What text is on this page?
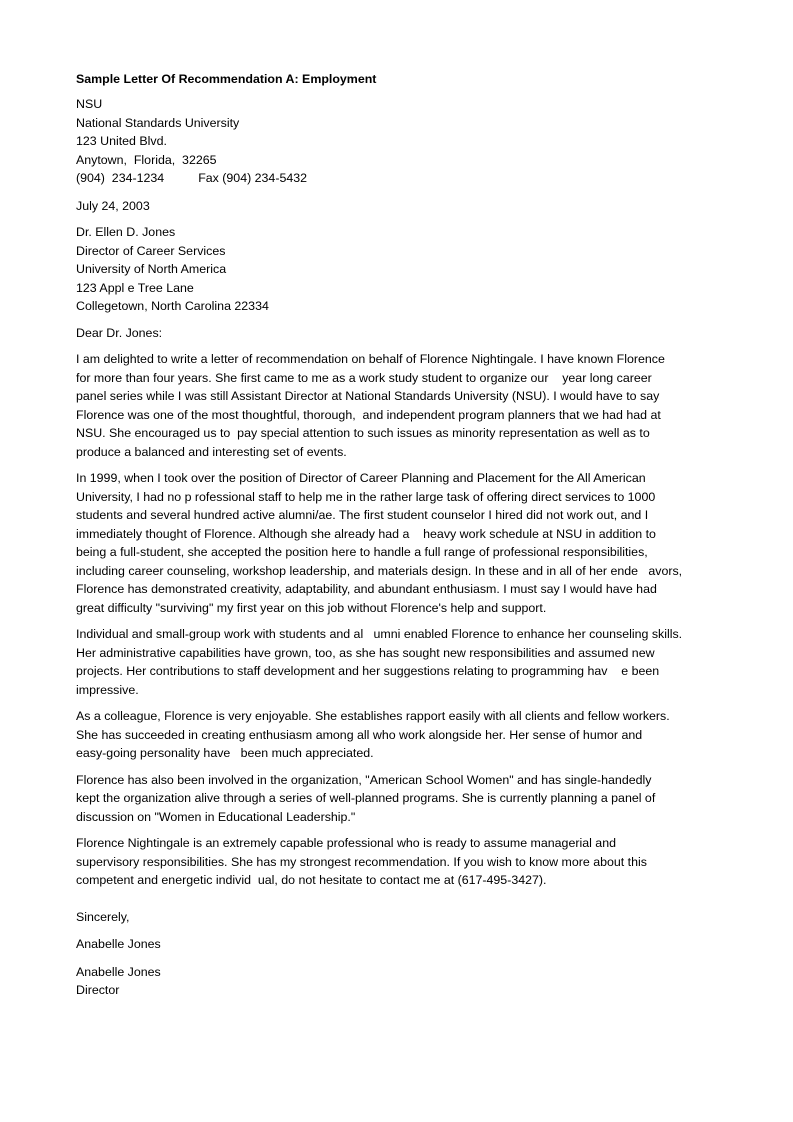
Sample Letter Of Recommendation A: Employment
NSU
National Standards University
123 United Blvd.
Anytown,  Florida,  32265
(904)  234-1234	Fax (904) 234-5432
July 24, 2003
Dr. Ellen D. Jones
Director of Career Services
University of North America
123 Appl e Tree Lane
Collegetown, North Carolina 22334
Dear Dr. Jones:
I am delighted to write a letter of recommendation on behalf of Florence Nightingale. I have known Florence
for more than four years. She first came to me as a work study student to organize our    year long career
panel series while I was still Assistant Director at National Standards University (NSU). I would have to say
Florence was one of the most thoughtful, thorough,  and independent program planners that we had had at
NSU. She encouraged us to  pay special attention to such issues as minority representation as well as to
produce a balanced and interesting set of events.
In 1999, when I took over the position of Director of Career Planning and Placement for the All American
University, I had no p rofessional staff to help me in the rather large task of offering direct services to 1000
students and several hundred active alumni/ae. The first student counselor I hired did not work out, and I
immediately thought of Florence. Although she already had a    heavy work schedule at NSU in addition to
being a full-student, she accepted the position here to handle a full range of professional responsibilities,
including career counseling, workshop leadership, and materials design. In these and in all of her ende   avors,
Florence has demonstrated creativity, adaptability, and abundant enthusiasm. I must say I would have had
great difficulty "surviving" my first year on this job without Florence's help and support.
Individual and small-group work with students and al   umni enabled Florence to enhance her counseling skills.
Her administrative capabilities have grown, too, as she has sought new responsibilities and assumed new
projects. Her contributions to staff development and her suggestions relating to programming hav    e been
impressive.
As a colleague, Florence is very enjoyable. She establishes rapport easily with all clients and fellow workers.
She has succeeded in creating enthusiasm among all who work alongside her. Her sense of humor and
easy-going personality have   been much appreciated.
Florence has also been involved in the organization, "American School Women" and has single-handedly
kept the organization alive through a series of well-planned programs. She is currently planning a panel of
discussion on "Women in Educational Leadership."
Florence Nightingale is an extremely capable professional who is ready to assume managerial and
supervisory responsibilities. She has my strongest recommendation. If you wish to know more about this
competent and energetic individ  ual, do not hesitate to contact me at (617-495-3427).
Sincerely,
Anabelle Jones
Anabelle Jones
Director
